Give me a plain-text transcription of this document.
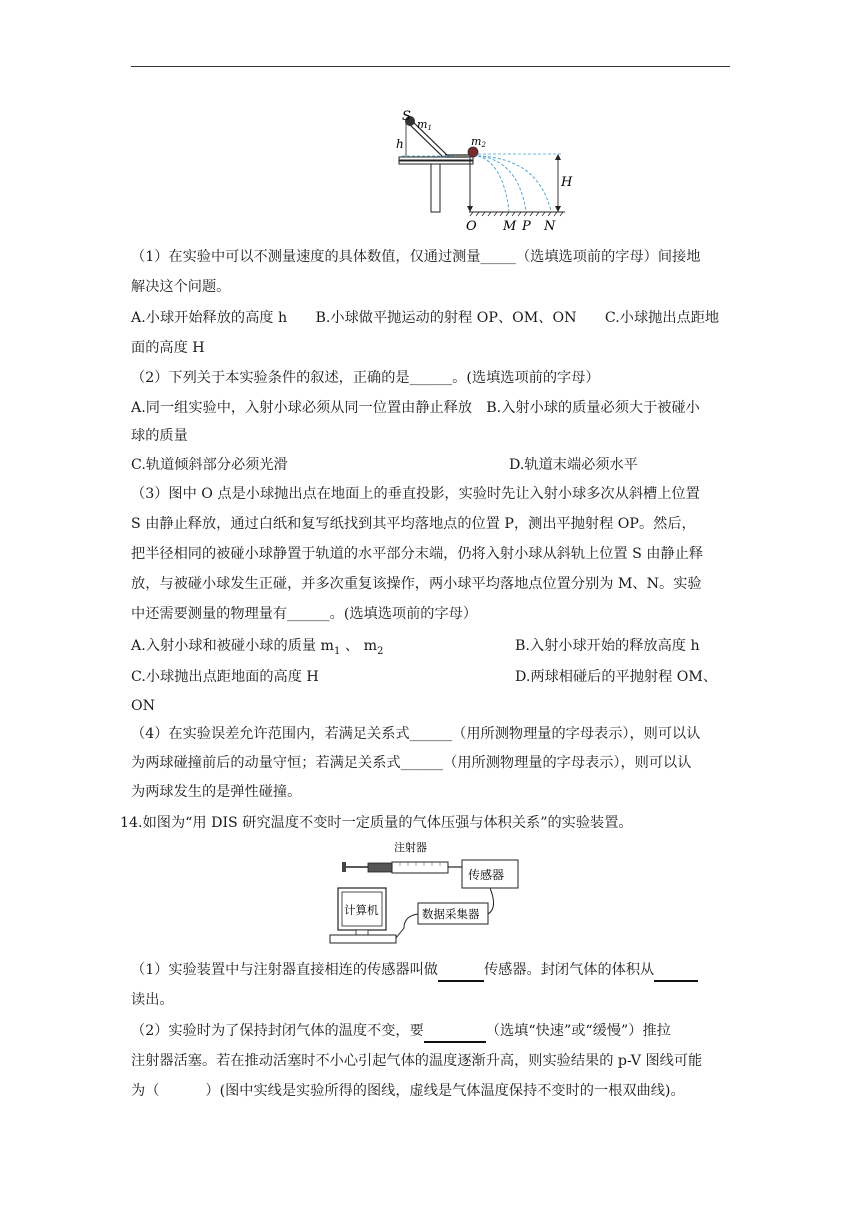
S
m1
m2
h
H
O M P N
（1）在实验中可以不测量速度的具体数值，仅通过测量_____（选填选项前的字母）间接地
解决这个问题。
A.小球开始释放的高度 h　　B.小球做平抛运动的射程 OP、OM、ON　　C.小球抛出点距地
面的高度 H
（2）下列关于本实验条件的叙述，正确的是______。(选填选项前的字母）
A.同一组实验中，入射小球必须从同一位置由静止释放　B.入射小球的质量必须大于被碰小
球的质量
C.轨道倾斜部分必须光滑	D.轨道末端必须水平
（3）图中 O 点是小球抛出点在地面上的垂直投影，实验时先让入射小球多次从斜槽上位置
S 由静止释放，通过白纸和复写纸找到其平均落地点的位置 P，测出平抛射程 OP。然后，
把半径相同的被碰小球静置于轨道的水平部分末端，仍将入射小球从斜轨上位置 S 由静止释
放，与被碰小球发生正碰，并多次重复该操作，两小球平均落地点位置分别为 M、N。实验
中还需要测量的物理量有______。(选填选项前的字母）
A.入射小球和被碰小球的质量 $m_1$ 、 $m_2$	B.入射小球开始的释放高度 h
C.小球抛出点距地面的高度 H	D.两球相碰后的平抛射程 OM、
ON
（4）在实验误差允许范围内，若满足关系式______（用所测物理量的字母表示），则可以认
为两球碰撞前后的动量守恒；若满足关系式______（用所测物理量的字母表示），则可以认
为两球发生的是弹性碰撞。
14.如图为“用 DIS 研究温度不变时一定质量的气体压强与体积关系”的实验装置。
注射器
传感器
数据采集器
计算机
（1）实验装置中与注射器直接相连的传感器叫做	传感器。封闭气体的体积从
读出。
（2）实验时为了保持封闭气体的温度不变，要	（选填“快速”或“缓慢”）推拉
注射器活塞。若在推动活塞时不小心引起气体的温度逐渐升高，则实验结果的 p-V 图线可能
为（	）(图中实线是实验所得的图线，虚线是气体温度保持不变时的一根双曲线)。
